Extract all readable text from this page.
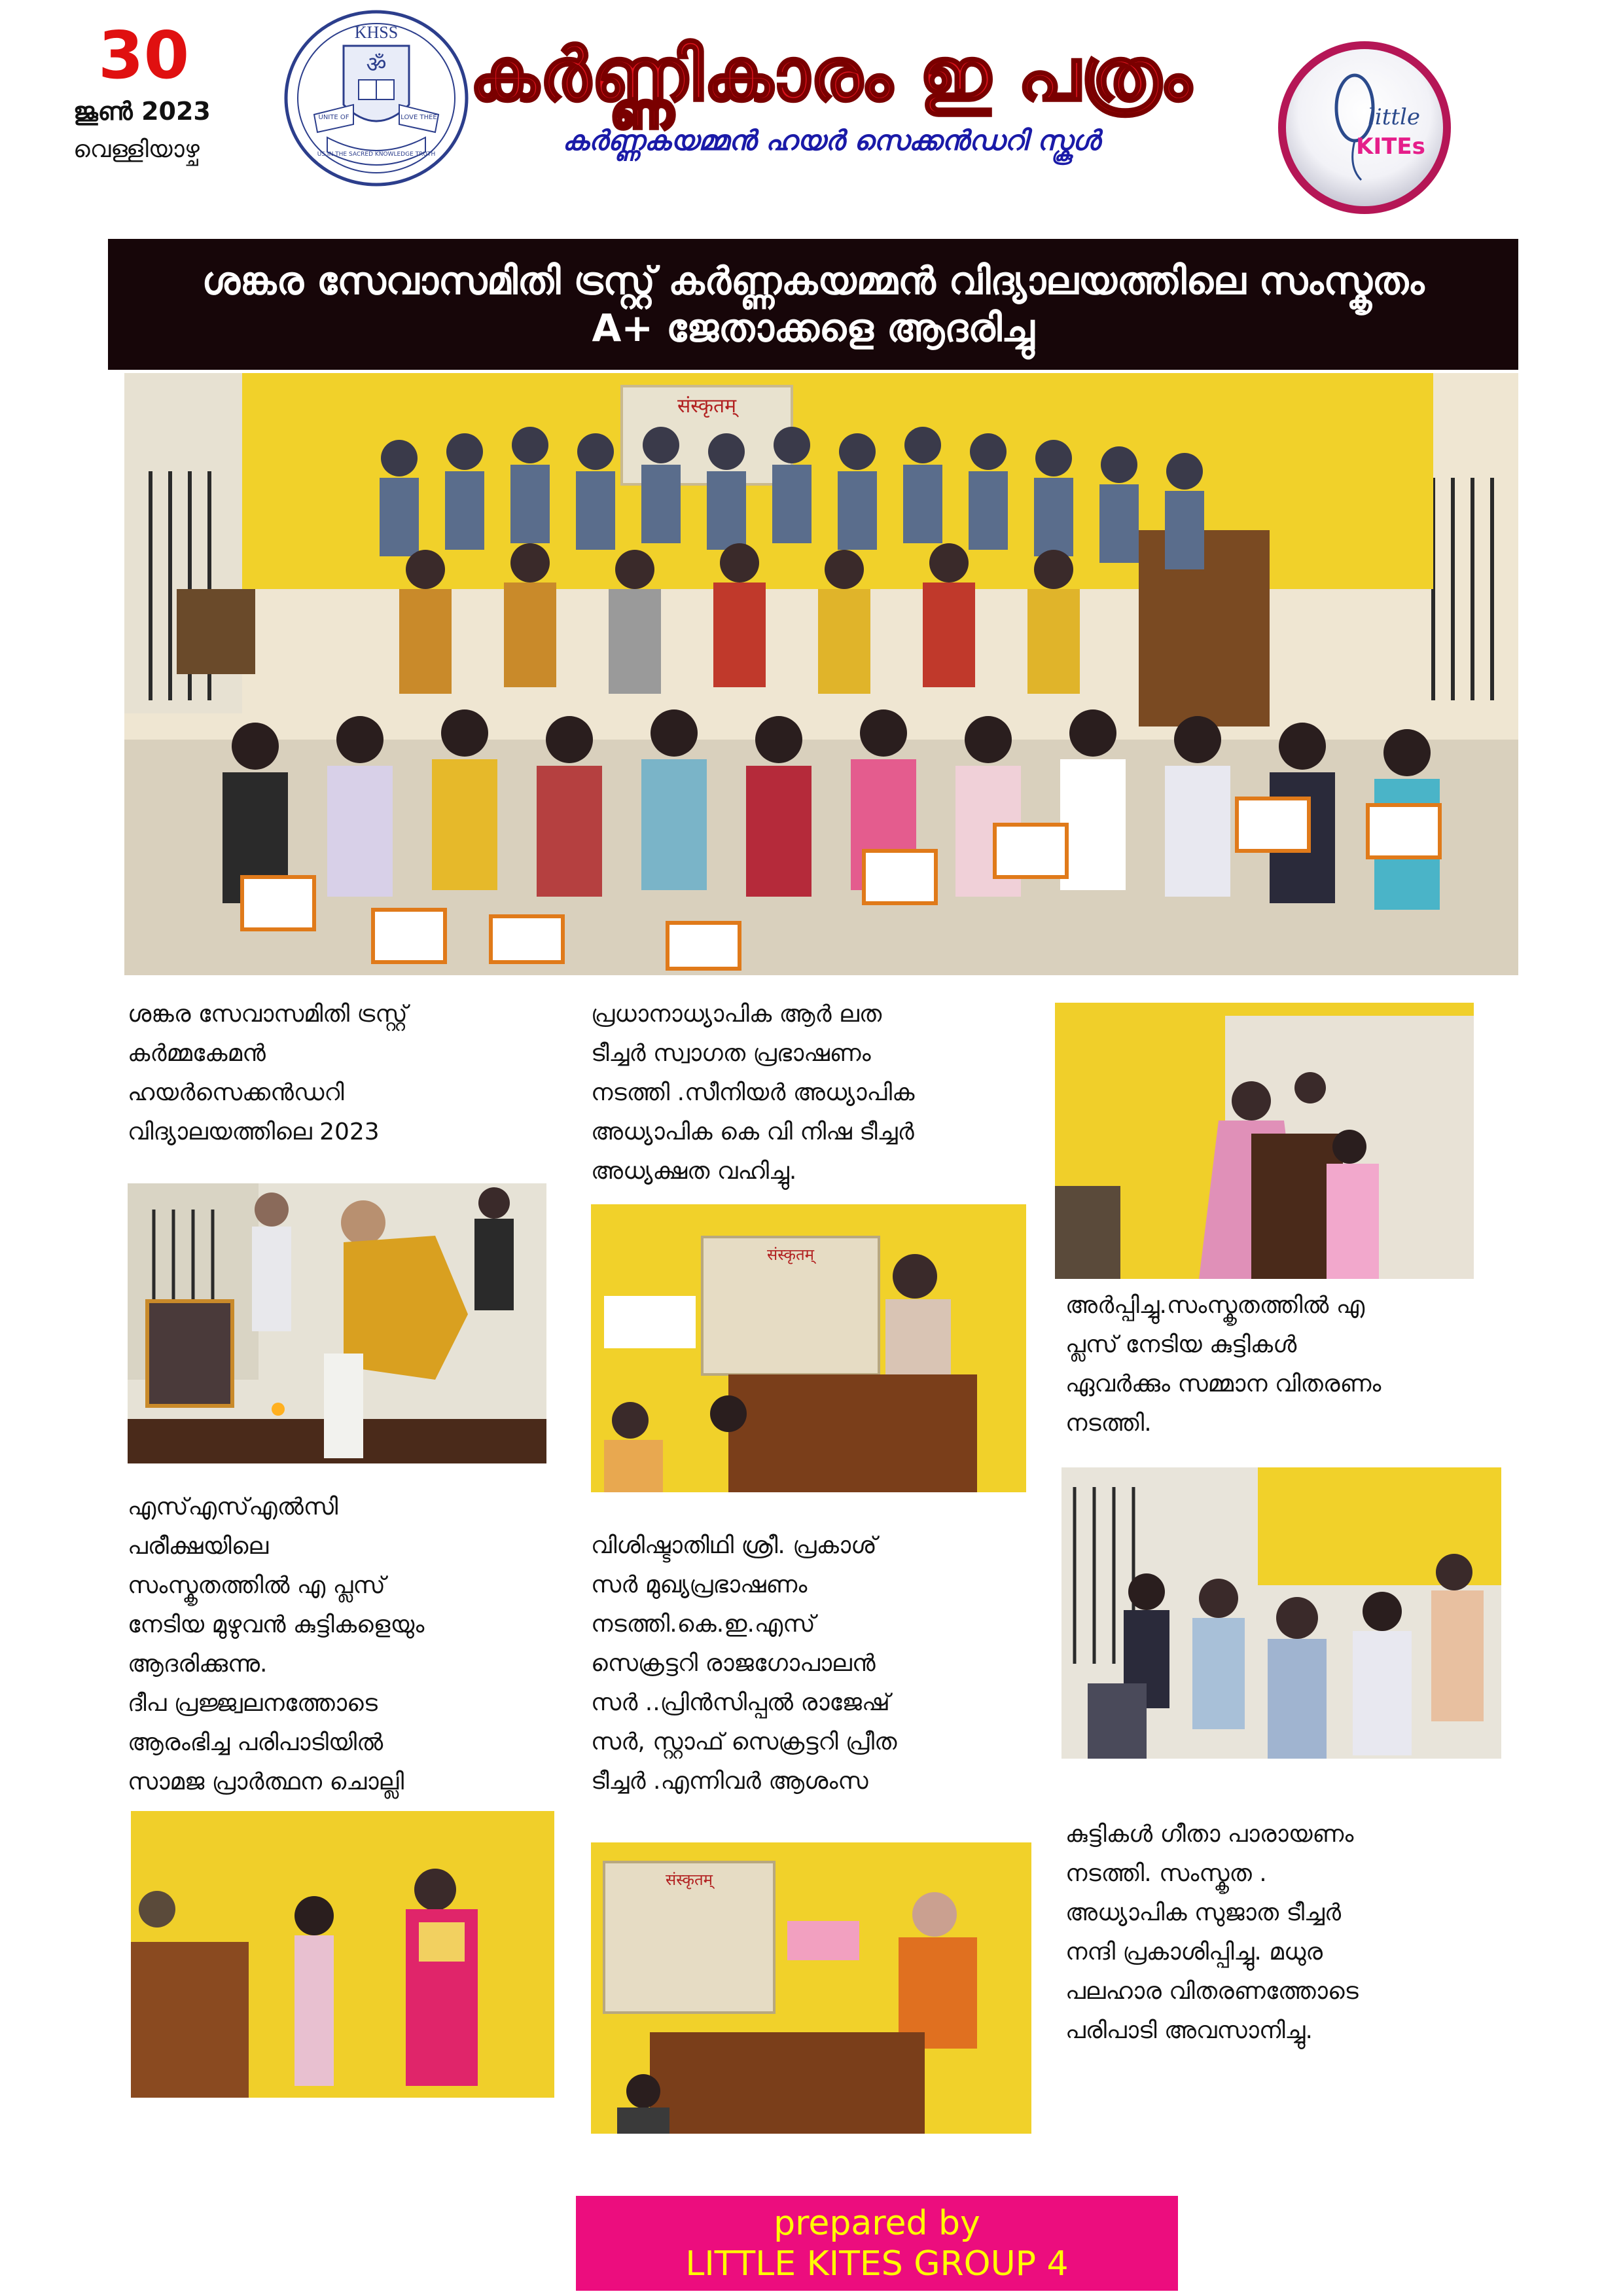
30
ജൂൺ 2023
വെള്ളിയാഴ്ച
KHSS
ॐ
UNITE OF	LOVE THEE
US IN THE SACRED KNOWLEDGE TRUTH
കർണ്ണികാരം ഇ പത്രം
കർണ്ണകയമ്മൻ ഹയർ സെക്കൻഡറി സ്കൂൾ
little
KITEs
ശങ്കര സേവാസമിതി ട്രസ്റ്റ് കർണ്ണകയമ്മൻ വിദ്യാലയത്തിലെ സംസ്കൃതം
A+ ജേതാക്കളെ ആദരിച്ചു
संस्कृतम्
ശങ്കര സേവാസമിതി ട്രസ്റ്റ്
കർമ്മകേമൻ
ഹയർസെക്കൻഡറി
വിദ്യാലയത്തിലെ 2023
എസ്എസ്എൽസി
പരീക്ഷയിലെ
സംസ്കൃതത്തിൽ എ പ്ലസ്
നേടിയ മുഴുവൻ കുട്ടികളെയും
ആദരിക്കുന്നു.
ദീപ പ്രജ്ജ്വലനത്തോടെ
ആരംഭിച്ച പരിപാടിയിൽ
സാമജ പ്രാർത്ഥന ചൊല്ലി
പ്രധാനാധ്യാപിക ആർ ലത
ടീച്ചർ സ്വാഗത പ്രഭാഷണം
നടത്തി .സീനിയർ അധ്യാപിക
അധ്യാപിക കെ വി നിഷ ടീച്ചർ
അധ്യക്ഷത വഹിച്ചു.
संस्कृतम्
വിശിഷ്ടാതിഥി ശ്രീ. പ്രകാശ്
സർ മുഖ്യപ്രഭാഷണം
നടത്തി.കെ.ഇ.എസ്
സെക്രട്ടറി രാജഗോപാലൻ
സർ ..പ്രിൻസിപ്പൽ രാജേഷ്
സർ, സ്റ്റാഫ് സെക്രട്ടറി പ്രീത
ടീച്ചർ .എന്നിവർ ആശംസ
संस्कृतम्
അർപ്പിച്ചു.സംസ്കൃതത്തിൽ എ
പ്ലസ് നേടിയ കുട്ടികൾ
ഏവർക്കും സമ്മാന വിതരണം
നടത്തി.
കുട്ടികൾ ഗീതാ പാരായണം
നടത്തി. സംസ്കൃത .
അധ്യാപിക സുജാത ടീച്ചർ
നന്ദി പ്രകാശിപ്പിച്ചു. മധുര
പലഹാര വിതരണത്തോടെ
പരിപാടി അവസാനിച്ചു.
prepared by
LITTLE KITES GROUP 4
